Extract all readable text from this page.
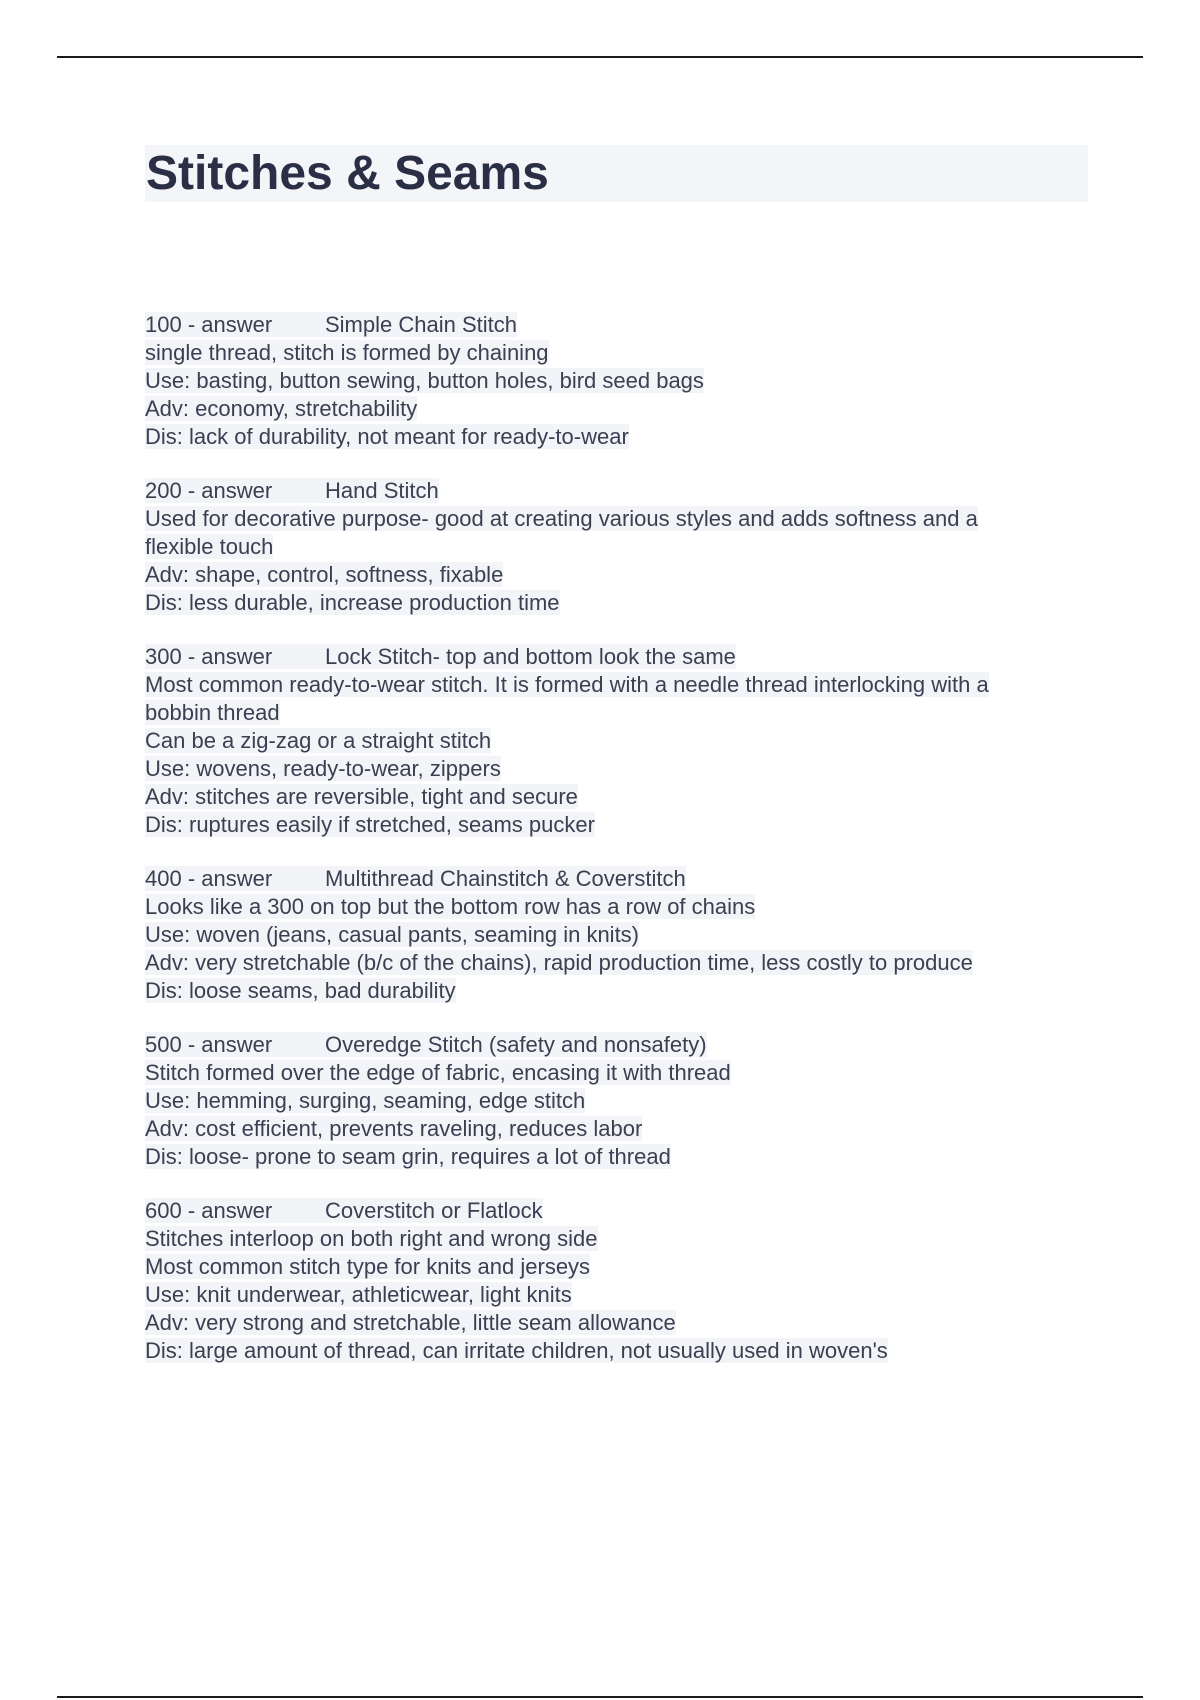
Stitches & Seams
100 - answer Simple Chain Stitch
single thread, stitch is formed by chaining
Use: basting, button sewing, button holes, bird seed bags
Adv: economy, stretchability
Dis: lack of durability, not meant for ready-to-wear
200 - answer Hand Stitch
Used for decorative purpose- good at creating various styles and adds softness and a
flexible touch
Adv: shape, control, softness, fixable
Dis: less durable, increase production time
300 - answer Lock Stitch- top and bottom look the same
Most common ready-to-wear stitch. It is formed with a needle thread interlocking with a
bobbin thread
Can be a zig-zag or a straight stitch
Use: wovens, ready-to-wear, zippers
Adv: stitches are reversible, tight and secure
Dis: ruptures easily if stretched, seams pucker
400 - answer Multithread Chainstitch & Coverstitch
Looks like a 300 on top but the bottom row has a row of chains
Use: woven (jeans, casual pants, seaming in knits)
Adv: very stretchable (b/c of the chains), rapid production time, less costly to produce
Dis: loose seams, bad durability
500 - answer Overedge Stitch (safety and nonsafety)
Stitch formed over the edge of fabric, encasing it with thread
Use: hemming, surging, seaming, edge stitch
Adv: cost efficient, prevents raveling, reduces labor
Dis: loose- prone to seam grin, requires a lot of thread
600 - answer Coverstitch or Flatlock
Stitches interloop on both right and wrong side
Most common stitch type for knits and jerseys
Use: knit underwear, athleticwear, light knits
Adv: very strong and stretchable, little seam allowance
Dis: large amount of thread, can irritate children, not usually used in woven's
